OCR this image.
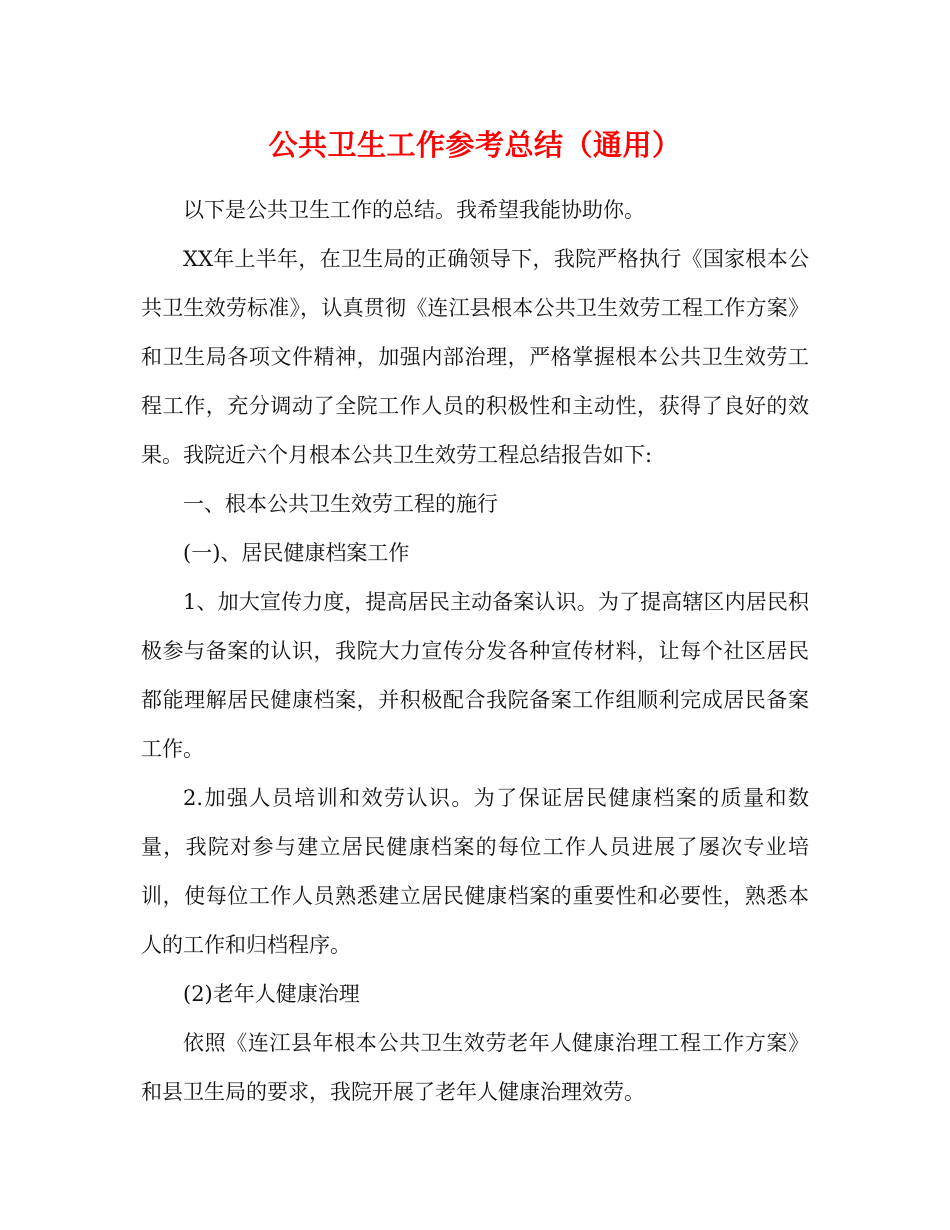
公共卫生工作参考总结（通用）

以下是公共卫生工作的总结。我希望我能协助你。

XX年上半年，在卫生局的正确领导下，我院严格执行《国家根本公共卫生效劳标准》，认真贯彻《连江县根本公共卫生效劳工程工作方案》和卫生局各项文件精神，加强内部治理，严格掌握根本公共卫生效劳工程工作，充分调动了全院工作人员的积极性和主动性，获得了良好的效果。我院近六个月根本公共卫生效劳工程总结报告如下:

一、根本公共卫生效劳工程的施行

(一)、居民健康档案工作

1、加大宣传力度，提高居民主动备案认识。为了提高辖区内居民积极参与备案的认识，我院大力宣传分发各种宣传材料，让每个社区居民都能理解居民健康档案，并积极配合我院备案工作组顺利完成居民备案工作。

2.加强人员培训和效劳认识。为了保证居民健康档案的质量和数量，我院对参与建立居民健康档案的每位工作人员进展了屡次专业培训，使每位工作人员熟悉建立居民健康档案的重要性和必要性，熟悉本人的工作和归档程序。

(2)老年人健康治理

依照《连江县年根本公共卫生效劳老年人健康治理工程工作方案》和县卫生局的要求，我院开展了老年人健康治理效劳。
